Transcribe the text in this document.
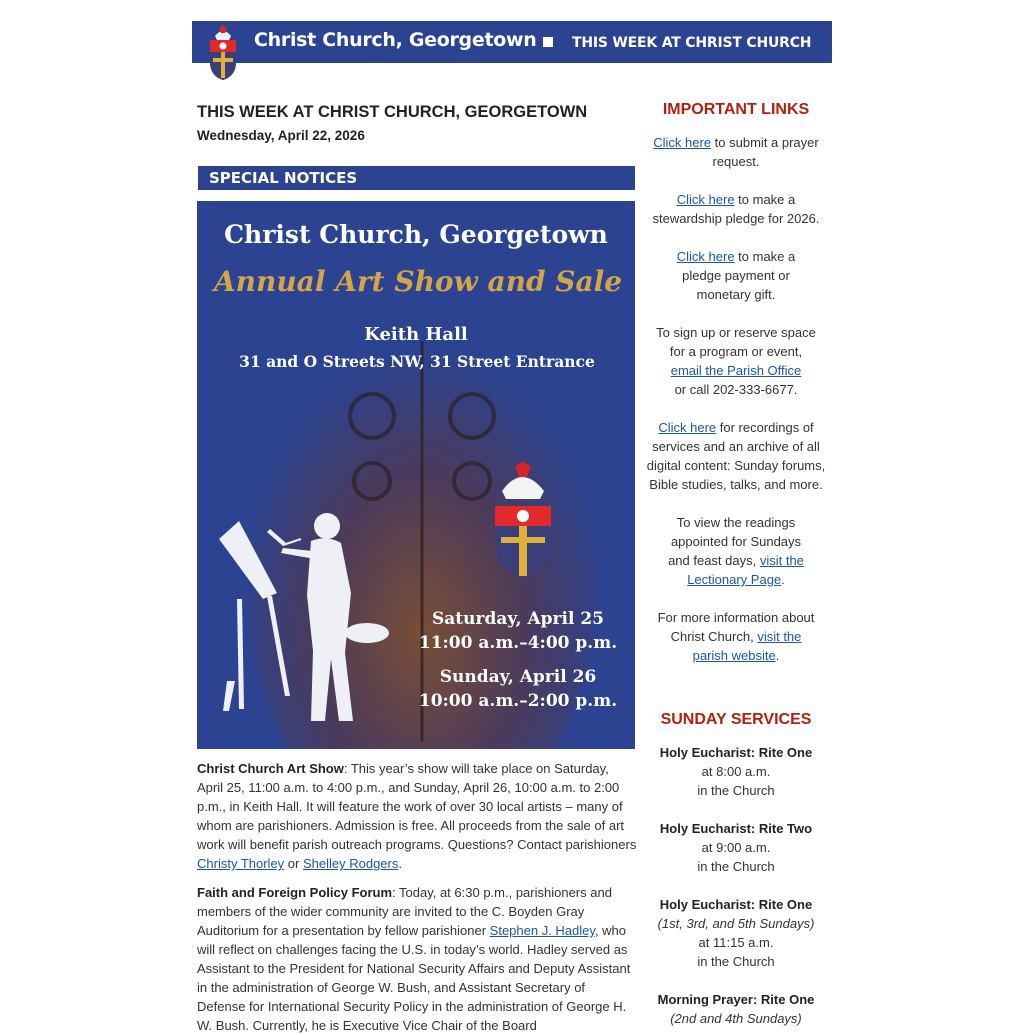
Christ Church, Georgetown	THIS WEEK AT CHRIST CHURCH
THIS WEEK AT CHRIST CHURCH, GEORGETOWN
Wednesday, April 22, 2026
SPECIAL NOTICES
Christ Church, Georgetown
Annual Art Show and Sale
Keith Hall
31 and O Streets NW, 31 Street Entrance
Saturday, April 25
11:00 a.m.–4:00 p.m.
Sunday, April 26
10:00 a.m.–2:00 p.m.
Christ Church Art Show: This year’s show will take place on Saturday, April 25, 11:00 a.m. to 4:00 p.m., and Sunday, April 26, 10:00 a.m. to 2:00 p.m., in Keith Hall. It will feature the work of over 30 local artists – many of whom are parishioners. Admission is free. All proceeds from the sale of art work will benefit parish outreach programs. Questions? Contact parishioners Christy Thorley or Shelley Rodgers.
Faith and Foreign Policy Forum: Today, at 6:30 p.m., parishioners and members of the wider community are invited to the C. Boyden Gray Auditorium for a presentation by fellow parishioner Stephen J. Hadley, who will reflect on challenges facing the U.S. in today’s world. Hadley served as Assistant to the President for National Security Affairs and Deputy Assistant in the administration of George W. Bush, and Assistant Secretary of Defense for International Security Policy in the administration of George H. W. Bush. Currently, he is Executive Vice Chair of the Board
IMPORTANT LINKS
Click here to submit a prayer request.
Click here to make a stewardship pledge for 2026.
Click here to make a pledge payment or monetary gift.
To sign up or reserve space for a program or event,
email the Parish Office
or call 202-333-6677.
Click here for recordings of services and an archive of all digital content: Sunday forums, Bible studies, talks, and more.
To view the readings appointed for Sundays and feast days, visit the Lectionary Page.
For more information about Christ Church, visit the parish website.
SUNDAY SERVICES
Holy Eucharist: Rite One
at 8:00 a.m.
in the Church
Holy Eucharist: Rite Two
at 9:00 a.m.
in the Church
Holy Eucharist: Rite One
(1st, 3rd, and 5th Sundays)
at 11:15 a.m.
in the Church
Morning Prayer: Rite One
(2nd and 4th Sundays)
